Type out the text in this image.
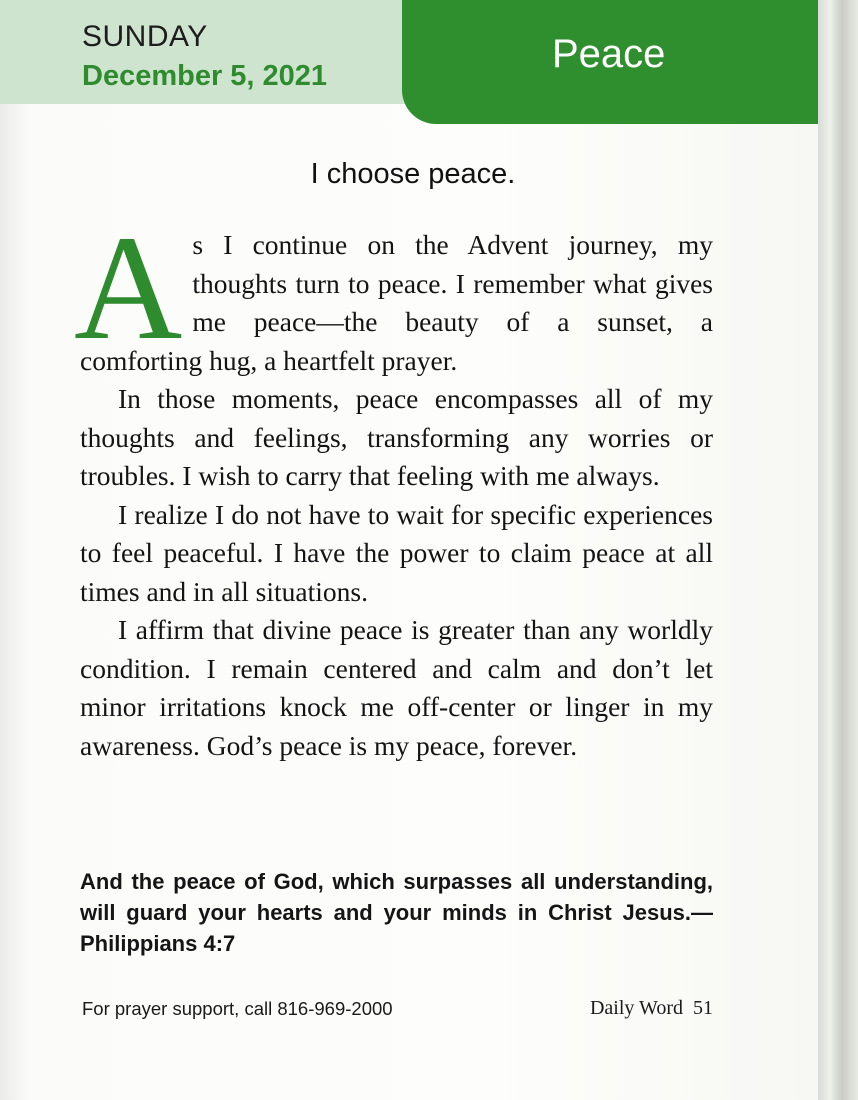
SUNDAY
December 5, 2021	Peace
I choose peace.

As I continue on the Advent journey, my thoughts turn to peace. I remember what gives me peace—the beauty of a sunset, a comforting hug, a heartfelt prayer.

In those moments, peace encompasses all of my thoughts and feelings, transforming any worries or troubles. I wish to carry that feeling with me always.

I realize I do not have to wait for specific experiences to feel peaceful. I have the power to claim peace at all times and in all situations.

I affirm that divine peace is greater than any worldly condition. I remain centered and calm and don’t let minor irritations knock me off-center or linger in my awareness. God’s peace is my peace, forever.

And the peace of God, which surpasses all understanding, will guard your hearts and your minds in Christ Jesus.—Philippians 4:7
For prayer support, call 816-969-2000	Daily Word 51
